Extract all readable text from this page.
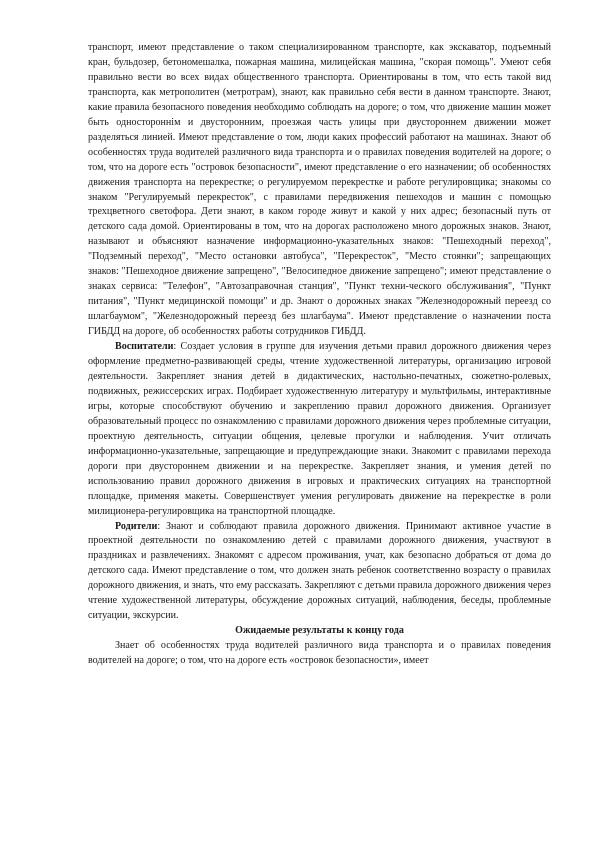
транспорт, имеют представление о таком специализированном транспорте, как экскаватор, подъемный кран, бульдозер, бетономешалка, пожарная машина, милицейская машина, "скорая помощь". Умеют себя правильно вести во всех видах общественного транспорта. Ориентированы в том, что есть такой вид транспорта, как метрополитен (метротрам), знают, как правильно себя вести в данном транспорте. Знают, какие правила безопасного поведения необходимо соблюдать на дороге; о том, что движение машин может быть одностороннім и двусторонним, проезжая часть улицы при двустороннем движении может разделяться линией. Имеют представление о том, люди каких профессий работают на машинах. Знают об особенностях труда водителей различного вида транспорта и о правилах поведения водителей на дороге; о том, что на дороге есть "островок безопасности", имеют представление о его назначении; об особенностях движения транспорта на перекрестке; о регулируемом перекрестке и работе регулировщика; знакомы со знаком "Регулируемый перекресток", с правилами передвижения пешеходов и машин с помощью трехцветного светофора. Дети знают, в каком городе живут и какой у них адрес; безопасный путь от детского сада домой. Ориентированы в том, что на дорогах расположено много дорожных знаков. Знают, называют и объясняют назначение информационно-указательных знаков: "Пешеходный переход", "Подземный переход", "Место остановки автобуса", "Перекресток", "Место стоянки"; запрещающих знаков: "Пешеходное движение запрещено", "Велосипедное движение запрещено"; имеют представление о знаках сервиса: "Телефон", "Автозаправочная станция", "Пункт техни-ческого обслуживания", "Пункт питания", "Пункт медицинской помощи" и др. Знают о дорожных знаках "Железнодорожный переезд со шлагбаумом", "Железнодорожный переезд без шлагбаума". Имеют представление о назначении поста ГИБДД на дороге, об особенностях работы сотрудников ГИБДД.

Воспитатели: Создает условия в группе для изучения детьми правил дорожного движения через оформление предметно-развивающей среды, чтение художественной литературы, организацию игровой деятельности. Закрепляет знания детей в дидактических, настольно-печатных, сюжетно-ролевых, подвижных, режиссерских играх. Подбирает художественную литературу и мультфильмы, интерактивные игры, которые способствуют обучению и закреплению правил дорожного движения. Организует образовательный процесс по ознакомлению с правилами дорожного движения через проблемные ситуации, проектную деятельность, ситуации общения, целевые прогулки и наблюдения. Учит отличать информационно-указательные, запрещающие и предупреждающие знаки. Знакомит с правилами перехода дороги при двустороннем движении и на перекрестке. Закрепляет знания, и умения детей по использованию правил дорожного движения в игровых и практических ситуациях на транспортной площадке, применяя макеты. Совершенствует умения регулировать движение на перекрестке в роли милиционера-регулировщика на транспортной площадке.

Родители: Знают и соблюдают правила дорожного движения. Принимают активное участие в проектной деятельности по ознакомлению детей с правилами дорожного движения, участвуют в праздниках и развлечениях. Знакомят с адресом проживания, учат, как безопасно добраться от дома до детского сада. Имеют представление о том, что должен знать ребенок соответственно возрасту о правилах дорожного движения, и знать, что ему рассказать. Закрепляют с детьми правила дорожного движения через чтение художественной литературы, обсуждение дорожных ситуаций, наблюдения, беседы, проблемные ситуации, экскурсии.

Ожидаемые результаты к концу года

Знает об особенностях труда водителей различного вида транспорта и о правилах поведения водителей на дороге; о том, что на дороге есть «островок безопасности», имеет
